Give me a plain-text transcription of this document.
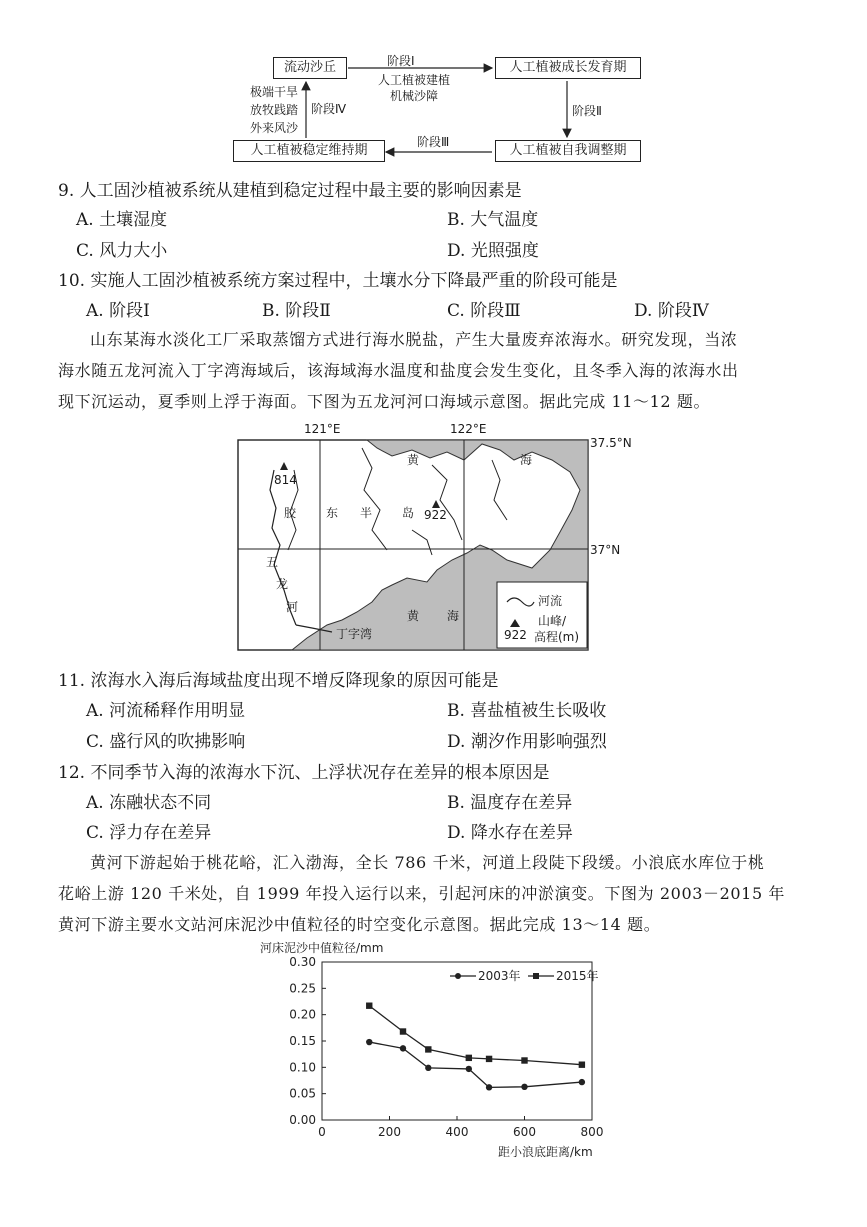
流动沙丘	人工植被成长发育期
人工植被自我调整期
人工植被稳定维持期
阶段Ⅰ
人工植被建植
机械沙障
阶段Ⅱ
阶段Ⅲ
阶段Ⅳ
极端干旱
放牧践踏
外来风沙
9. 人工固沙植被系统从建植到稳定过程中最主要的影响因素是
A. 土壤湿度	B. 大气温度
C. 风力大小	D. 光照强度
10. 实施人工固沙植被系统方案过程中，土壤水分下降最严重的阶段可能是
A. 阶段Ⅰ	B. 阶段Ⅱ	C. 阶段Ⅲ	D. 阶段Ⅳ
山东某海水淡化工厂采取蒸馏方式进行海水脱盐，产生大量废弃浓海水。研究发现，当浓
海水随五龙河流入丁字湾海域后，该海域海水温度和盐度会发生变化，且冬季入海的浓海水出
现下沉运动，夏季则上浮于海面。下图为五龙河河口海域示意图。据此完成 11～12 题。
121°E	122°E
37.5°N
37°N
814
922
黄	海
黄 海
胶 东 半 岛
五
龙
河
丁字湾
河流
山峰/
高程(m)
922
11. 浓海水入海后海域盐度出现不增反降现象的原因可能是
A. 河流稀释作用明显	B. 喜盐植被生长吸收
C. 盛行风的吹拂影响	D. 潮汐作用影响强烈
12. 不同季节入海的浓海水下沉、上浮状况存在差异的根本原因是
A. 冻融状态不同	B. 温度存在差异
C. 浮力存在差异	D. 降水存在差异
黄河下游起始于桃花峪，汇入渤海，全长 786 千米，河道上段陡下段缓。小浪底水库位于桃
花峪上游 120 千米处，自 1999 年投入运行以来，引起河床的冲淤演变。下图为 2003－2015 年
黄河下游主要水文站河床泥沙中值粒径的时空变化示意图。据此完成 13～14 题。
河床泥沙中值粒径/mm
距小浪底距离/km
0.00
0.05
0.10
0.15
0.20
0.25
0.30
0	200	400	600	800
2003年	2015年
